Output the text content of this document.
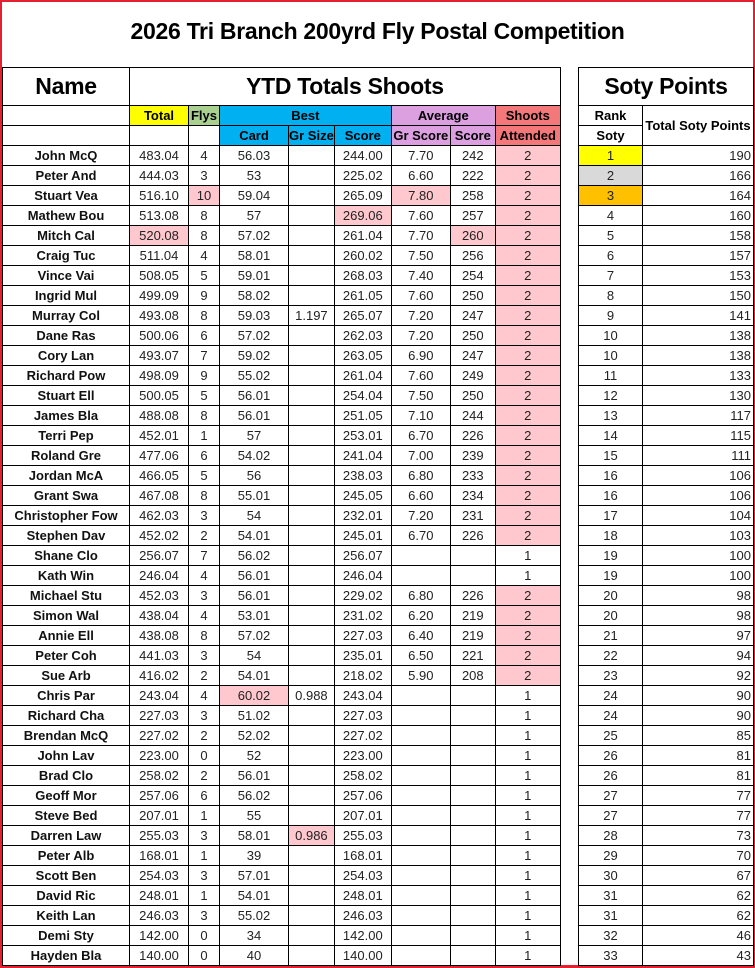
2026 Tri Branch 200yrd Fly Postal Competition
Name	YTD Totals Shoots							
	Total	Flys	Best			Average		Shoots
			Card	Gr Size	Score	Gr Score	Score	Attended
John McQ	483.04	4	56.03		244.00	7.70	242	2
Peter And	444.03	3	53		225.02	6.60	222	2
Stuart Vea	516.10	10	59.04		265.09	7.80	258	2
Mathew Bou	513.08	8	57		269.06	7.60	257	2
Mitch Cal	520.08	8	57.02		261.04	7.70	260	2
Craig Tuc	511.04	4	58.01		260.02	7.50	256	2
Vince Vai	508.05	5	59.01		268.03	7.40	254	2
Ingrid Mul	499.09	9	58.02		261.05	7.60	250	2
Murray Col	493.08	8	59.03	1.197	265.07	7.20	247	2
Dane Ras	500.06	6	57.02		262.03	7.20	250	2
Cory Lan	493.07	7	59.02		263.05	6.90	247	2
Richard Pow	498.09	9	55.02		261.04	7.60	249	2
Stuart Ell	500.05	5	56.01		254.04	7.50	250	2
James Bla	488.08	8	56.01		251.05	7.10	244	2
Terri Pep	452.01	1	57		253.01	6.70	226	2
Roland Gre	477.06	6	54.02		241.04	7.00	239	2
Jordan McA	466.05	5	56		238.03	6.80	233	2
Grant Swa	467.08	8	55.01		245.05	6.60	234	2
Christopher Fow	462.03	3	54		232.01	7.20	231	2
Stephen Dav	452.02	2	54.01		245.01	6.70	226	2
Shane Clo	256.07	7	56.02		256.07			1
Kath Win	246.04	4	56.01		246.04			1
Michael Stu	452.03	3	56.01		229.02	6.80	226	2
Simon Wal	438.04	4	53.01		231.02	6.20	219	2
Annie Ell	438.08	8	57.02		227.03	6.40	219	2
Peter Coh	441.03	3	54		235.01	6.50	221	2
Sue Arb	416.02	2	54.01		218.02	5.90	208	2
Chris Par	243.04	4	60.02	0.988	243.04			1
Richard Cha	227.03	3	51.02		227.03			1
Brendan McQ	227.02	2	52.02		227.02			1
John Lav	223.00	0	52		223.00			1
Brad Clo	258.02	2	56.01		258.02			1
Geoff Mor	257.06	6	56.02		257.06			1
Steve Bed	207.01	1	55		207.01			1
Darren Law	255.03	3	58.01	0.986	255.03			1
Peter Alb	168.01	1	39		168.01			1
Scott Ben	254.03	3	57.01		254.03			1
David Ric	248.01	1	54.01		248.01			1
Keith Lan	246.03	3	55.02		246.03			1
Demi Sty	142.00	0	34		142.00			1
Hayden Bla	140.00	0	40		140.00			1
Soty Points	
Rank	Total Soty Points
Soty	
1	190
2	166
3	164
4	160
5	158
6	157
7	153
8	150
9	141
10	138
10	138
11	133
12	130
13	117
14	115
15	111
16	106
16	106
17	104
18	103
19	100
19	100
20	98
20	98
21	97
22	94
23	92
24	90
24	90
25	85
26	81
26	81
27	77
27	77
28	73
29	70
30	67
31	62
31	62
32	46
33	43
